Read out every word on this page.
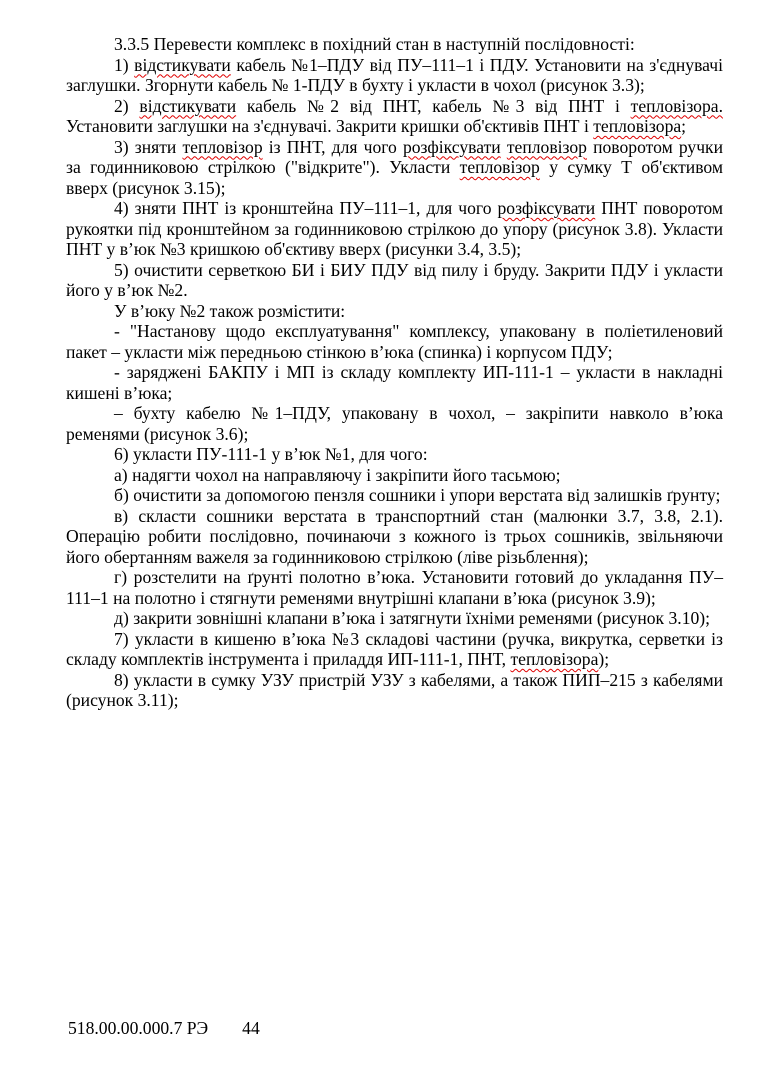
3.3.5 Перевести комплекс в похідний стан в наступній послідовності:

1) відстикувати кабель №1–ПДУ від ПУ–111–1 і ПДУ. Установити на з'єднувачі заглушки. Згорнути кабель № 1-ПДУ в бухту і укласти в чохол (рисунок 3.3);

2) відстикувати кабель №2 від ПНТ, кабель №3 від ПНТ і тепловізора. Установити заглушки на з'єднувачі. Закрити кришки об'єктивів ПНТ і тепловізора;

3) зняти тепловізор із ПНТ, для чого розфіксувати тепловізор поворотом ручки за годинниковою стрілкою ("відкрите"). Укласти тепловізор у сумку Т об'єктивом вверх (рисунок 3.15);

4) зняти ПНТ із кронштейна ПУ–111–1, для чого розфіксувати ПНТ поворотом рукоятки під кронштейном за годинниковою стрілкою до упору (рисунок 3.8). Укласти ПНТ у в’юк №3 кришкою об'єктиву вверх (рисунки 3.4, 3.5);

5) очистити серветкою БИ і БИУ ПДУ від пилу і бруду. Закрити ПДУ і укласти його у в’юк №2.

У в’юку №2 також розмістити:

- "Настанову щодо експлуатування" комплексу, упаковану в поліетиленовий пакет – укласти між передньою стінкою в’юка (спинка) і корпусом ПДУ;

- заряджені БАКПУ і МП із складу комплекту ИП-111-1 – укласти в накладні кишені в’юка;

– бухту кабелю №1–ПДУ, упаковану в чохол, – закріпити навколо в’юка ременями (рисунок 3.6);

6) укласти ПУ-111-1 у в’юк №1, для чого:

а) надягти чохол на направляючу і закріпити його тасьмою;

б) очистити за допомогою пензля сошники і упори верстата від залишків ґрунту;

в) скласти сошники верстата в транспортний стан (малюнки 3.7, 3.8, 2.1). Операцію робити послідовно, починаючи з кожного із трьох сошників, звільняючи його обертанням важеля за годинниковою стрілкою (ліве різьблення);

г) розстелити на ґрунті полотно в’юка. Установити готовий до укладання ПУ–111–1 на полотно і стягнути ременями внутрішні клапани в’юка (рисунок 3.9);

д) закрити зовнішні клапани в’юка і затягнути їхніми ременями (рисунок 3.10);

7) укласти в кишеню в’юка №3 складові частини (ручка, викрутка, серветки із складу комплектів інструмента і приладдя ИП-111-1, ПНТ, тепловізора);

8) укласти в сумку УЗУ пристрій УЗУ з кабелями, а також ПИП–215 з кабелями (рисунок 3.11);

518.00.00.000.7 РЭ 44
